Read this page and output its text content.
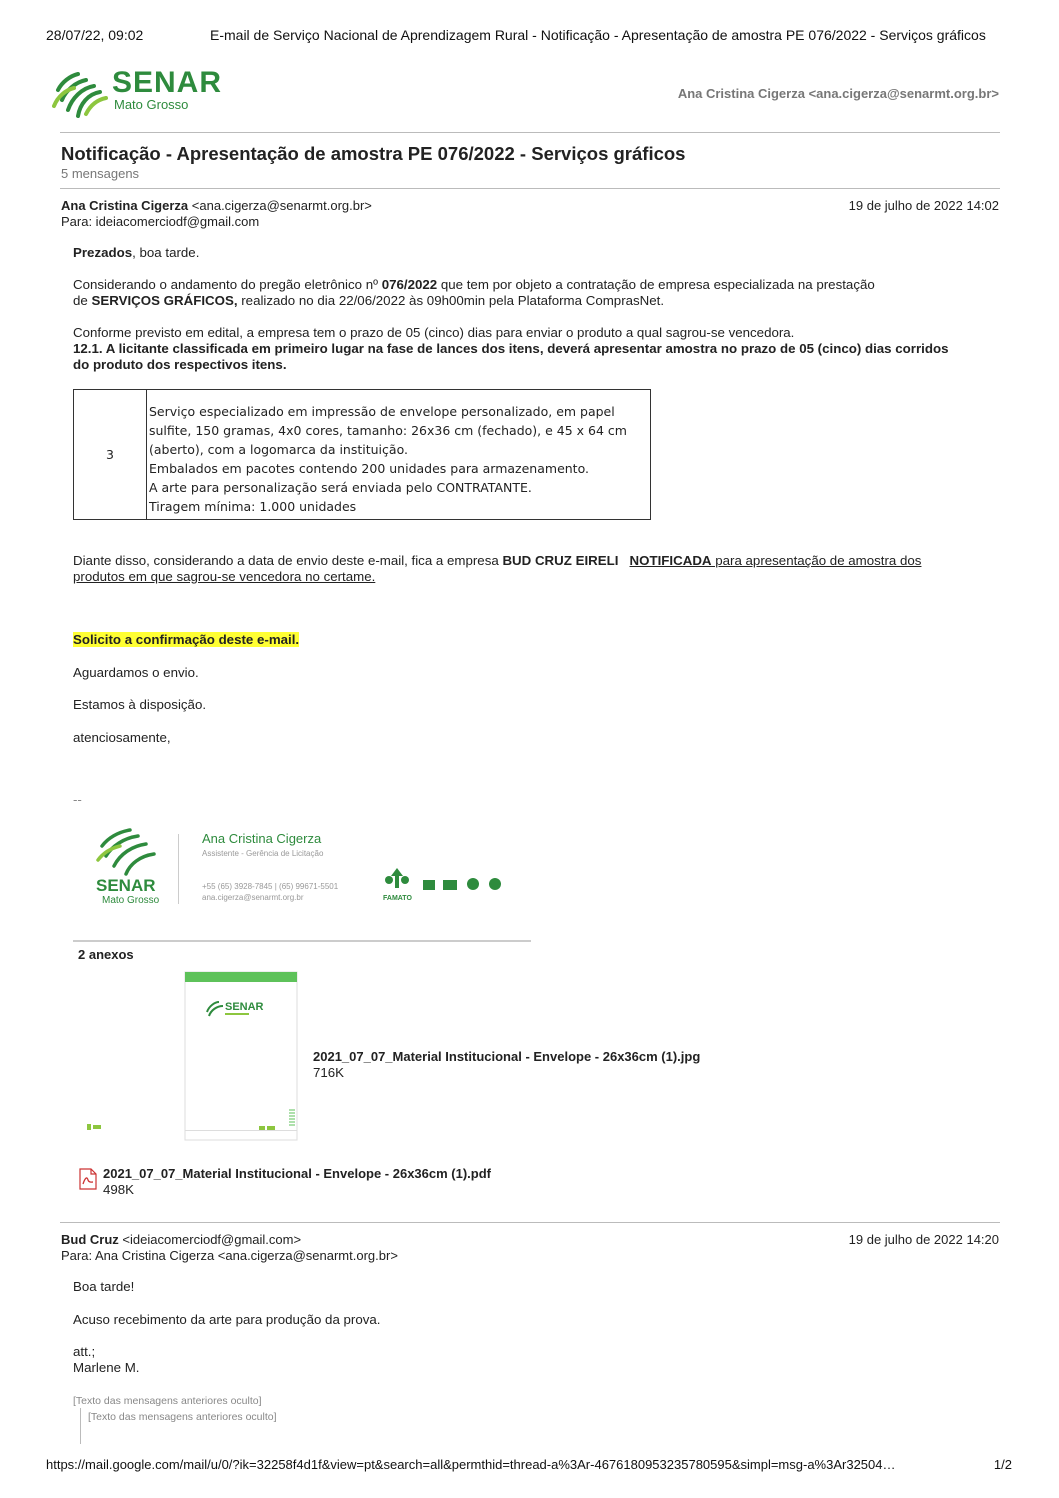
28/07/22, 09:02	E-mail de Serviço Nacional de Aprendizagem Rural - Notificação - Apresentação de amostra PE 076/2022 - Serviços gráficos
SENAR
Mato Grosso
Ana Cristina Cigerza <ana.cigerza@senarmt.org.br>
Notificação - Apresentação de amostra PE 076/2022 - Serviços gráficos
5 mensagens
Ana Cristina Cigerza <ana.cigerza@senarmt.org.br>
Para: ideiacomerciodf@gmail.com
19 de julho de 2022 14:02
Prezados, boa tarde.
Considerando o andamento do pregão eletrônico nº 076/2022 que tem por objeto a contratação de empresa especializada na prestação
de SERVIÇOS GRÁFICOS, realizado no dia 22/06/2022 às 09h00min pela Plataforma ComprasNet.
Conforme previsto em edital, a empresa tem o prazo de 05 (cinco) dias para enviar o produto a qual sagrou-se vencedora.
12.1. A licitante classificada em primeiro lugar na fase de lances dos itens, deverá apresentar amostra no prazo de 05 (cinco) dias corridos
do produto dos respectivos itens.
3	
Serviço especializado em impressão de envelope personalizado, em papel
sulfite, 150 gramas, 4x0 cores, tamanho: 26x36 cm (fechado), e 45 x 64 cm
(aberto), com a logomarca da instituição.
Embalados em pacotes contendo 200 unidades para armazenamento.
A arte para personalização será enviada pelo CONTRATANTE.
Tiragem mínima: 1.000 unidades
Diante disso, considerando a data de envio deste e-mail, fica a empresa BUD CRUZ EIRELI NOTIFICADA para apresentação de amostra dos
produtos em que sagrou-se vencedora no certame.
Solicito a confirmação deste e-mail.
Aguardamos o envio.
Estamos à disposição.
atenciosamente,
--
SENAR
Mato Grosso
Ana Cristina Cigerza
Assistente - Gerência de Licitação
+55 (65) 3928-7845 | (65) 99671-5501
ana.cigerza@senarmt.org.br	FAMATO
2 anexos
SENAR
2021_07_07_Material Institucional - Envelope - 26x36cm (1).jpg
716K
2021_07_07_Material Institucional - Envelope - 26x36cm (1).pdf
498K
Bud Cruz <ideiacomerciodf@gmail.com>
Para: Ana Cristina Cigerza <ana.cigerza@senarmt.org.br>
19 de julho de 2022 14:20
Boa tarde!
Acuso recebimento da arte para produção da prova.
att.;
Marlene M.
[Texto das mensagens anteriores oculto]
[Texto das mensagens anteriores oculto]
https://mail.google.com/mail/u/0/?ik=32258f4d1f&view=pt&search=all&permthid=thread-a%3Ar-4676180953235780595&simpl=msg-a%3Ar32504…	1/2
